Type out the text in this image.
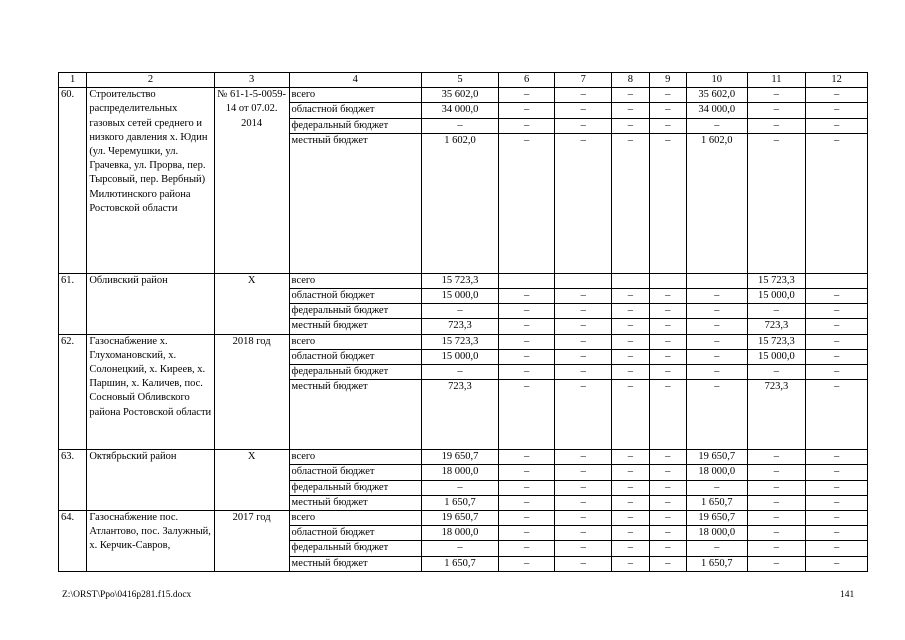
1	2	3	4	5	6	7	8	9	10	11	12
60.	Строительство распределительных газовых сетей среднего и низкого давления х. Юдин (ул. Черемушки, ул. Грачевка, ул. Прорва, пер. Тырсовый, пер. Вербный) Милютинского района Ростовской области	№ 61-1-5-0059-14 от 07.02. 2014	всего	35 602,0	–	–	–	–	35 602,0	–	–
			областной бюджет	34 000,0	–	–	–	–	34 000,0	–	–
			федеральный бюджет	–	–	–	–	–	–	–	–
			местный бюджет	1 602,0	–	–	–	–	1 602,0	–	–
61.	Обливский район	Х	всего	15 723,3						15 723,3	
			областной бюджет	15 000,0	–	–	–	–	–	15 000,0	–
			федеральный бюджет	–	–	–	–	–	–	–	–
			местный бюджет	723,3	–	–	–	–	–	723,3	–
62.	Газоснабжение х. Глухомановский, х. Солонецкий, х. Киреев, х. Паршин, х. Каличев, пос. Сосновый Обливского района Ростовской области	2018 год	всего	15 723,3	–	–	–	–	–	15 723,3	–
			областной бюджет	15 000,0	–	–	–	–	–	15 000,0	–
			федеральный бюджет	–	–	–	–	–	–	–	–
			местный бюджет	723,3	–	–	–	–	–	723,3	–
63.	Октябрьский район	Х	всего	19 650,7	–	–	–	–	19 650,7	–	–
			областной бюджет	18 000,0	–	–	–	–	18 000,0	–	–
			федеральный бюджет	–	–	–	–	–	–	–	–
			местный бюджет	1 650,7	–	–	–	–	1 650,7	–	–
64.	Газоснабжение пос. Атлантово, пос. Залужный, х. Керчик-Савров,	2017 год	всего	19 650,7	–	–	–	–	19 650,7	–	–
			областной бюджет	18 000,0	–	–	–	–	18 000,0	–	–
			федеральный бюджет	–	–	–	–	–	–	–	–
			местный бюджет	1 650,7	–	–	–	–	1 650,7	–	–
Z:\ORST\Ppo\0416p281.f15.docx	141
